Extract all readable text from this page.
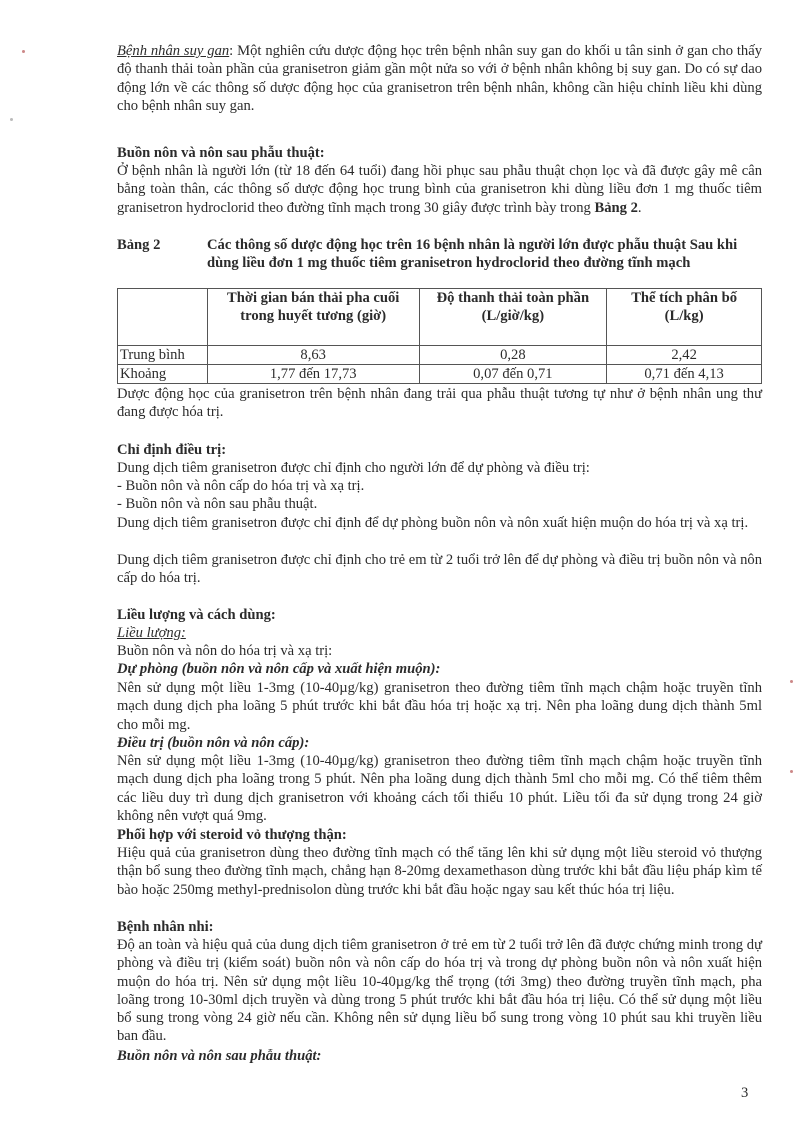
Bệnh nhân suy gan: Một nghiên cứu dược động học trên bệnh nhân suy gan do khối u tân sinh ở gan cho thấy độ thanh thải toàn phần của granisetron giảm gần một nửa so với ở bệnh nhân không bị suy gan. Do có sự dao động lớn về các thông số dược động học của granisetron trên bệnh nhân, không cần hiệu chỉnh liều khi dùng cho bệnh nhân suy gan.

Buồn nôn và nôn sau phẫu thuật:

Ở bệnh nhân là người lớn (từ 18 đến 64 tuổi) đang hồi phục sau phẫu thuật chọn lọc và đã được gây mê cân bằng toàn thân, các thông số dược động học trung bình của granisetron khi dùng liều đơn 1 mg thuốc tiêm granisetron hydroclorid theo đường tĩnh mạch trong 30 giây được trình bày trong Bảng 2.

Bảng 2	Các thông số dược động học trên 16 bệnh nhân là người lớn được phẫu thuật Sau khi dùng liều đơn 1 mg thuốc tiêm granisetron hydroclorid theo đường tĩnh mạch
	Thời gian bán thải pha cuối trong huyết tương (giờ)	Độ thanh thải toàn phần (L/giờ/kg)	Thể tích phân bố (L/kg)
Trung bình	8,63	0,28	2,42
Khoảng	1,77 đến 17,73	0,07 đến 0,71	0,71 đến 4,13

Dược động học của granisetron trên bệnh nhân đang trải qua phẫu thuật tương tự như ở bệnh nhân ung thư đang được hóa trị.

Chỉ định điều trị:

Dung dịch tiêm granisetron được chỉ định cho người lớn để dự phòng và điều trị:

- Buồn nôn và nôn cấp do hóa trị và xạ trị.

- Buồn nôn và nôn sau phẫu thuật.

Dung dịch tiêm granisetron được chỉ định để dự phòng buồn nôn và nôn xuất hiện muộn do hóa trị và xạ trị.

Dung dịch tiêm granisetron được chỉ định cho trẻ em từ 2 tuổi trở lên để dự phòng và điều trị buồn nôn và nôn cấp do hóa trị.

Liều lượng và cách dùng:

Liều lượng:

Buồn nôn và nôn do hóa trị và xạ trị:

Dự phòng (buồn nôn và nôn cấp và xuất hiện muộn):

Nên sử dụng một liều 1-3mg (10-40µg/kg) granisetron theo đường tiêm tĩnh mạch chậm hoặc truyền tĩnh mạch dung dịch pha loãng 5 phút trước khi bắt đầu hóa trị hoặc xạ trị. Nên pha loãng dung dịch thành 5ml cho mỗi mg.

Điều trị (buồn nôn và nôn cấp):

Nên sử dụng một liều 1-3mg (10-40µg/kg) granisetron theo đường tiêm tĩnh mạch chậm hoặc truyền tĩnh mạch dung dịch pha loãng trong 5 phút. Nên pha loãng dung dịch thành 5ml cho mỗi mg. Có thể tiêm thêm các liều duy trì dung dịch granisetron với khoảng cách tối thiểu 10 phút. Liều tối đa sử dụng trong 24 giờ không nên vượt quá 9mg.

Phối hợp với steroid vỏ thượng thận:

Hiệu quả của granisetron dùng theo đường tĩnh mạch có thể tăng lên khi sử dụng một liều steroid vỏ thượng thận bổ sung theo đường tĩnh mạch, chẳng hạn 8-20mg dexamethason dùng trước khi bắt đầu liệu pháp kìm tế bào hoặc 250mg methyl-prednisolon dùng trước khi bắt đầu hoặc ngay sau kết thúc hóa trị liệu.

Bệnh nhân nhi:

Độ an toàn và hiệu quả của dung dịch tiêm granisetron ở trẻ em từ 2 tuổi trở lên đã được chứng minh trong dự phòng và điều trị (kiểm soát) buồn nôn và nôn cấp do hóa trị và trong dự phòng buồn nôn và nôn xuất hiện muộn do hóa trị. Nên sử dụng một liều 10-40µg/kg thể trọng (tới 3mg) theo đường truyền tĩnh mạch, pha loãng trong 10-30ml dịch truyền và dùng trong 5 phút trước khi bắt đầu hóa trị liệu. Có thể sử dụng một liều bổ sung trong vòng 24 giờ nếu cần. Không nên sử dụng liều bổ sung trong vòng 10 phút sau khi truyền liều ban đầu.

Buồn nôn và nôn sau phẫu thuật:

3
